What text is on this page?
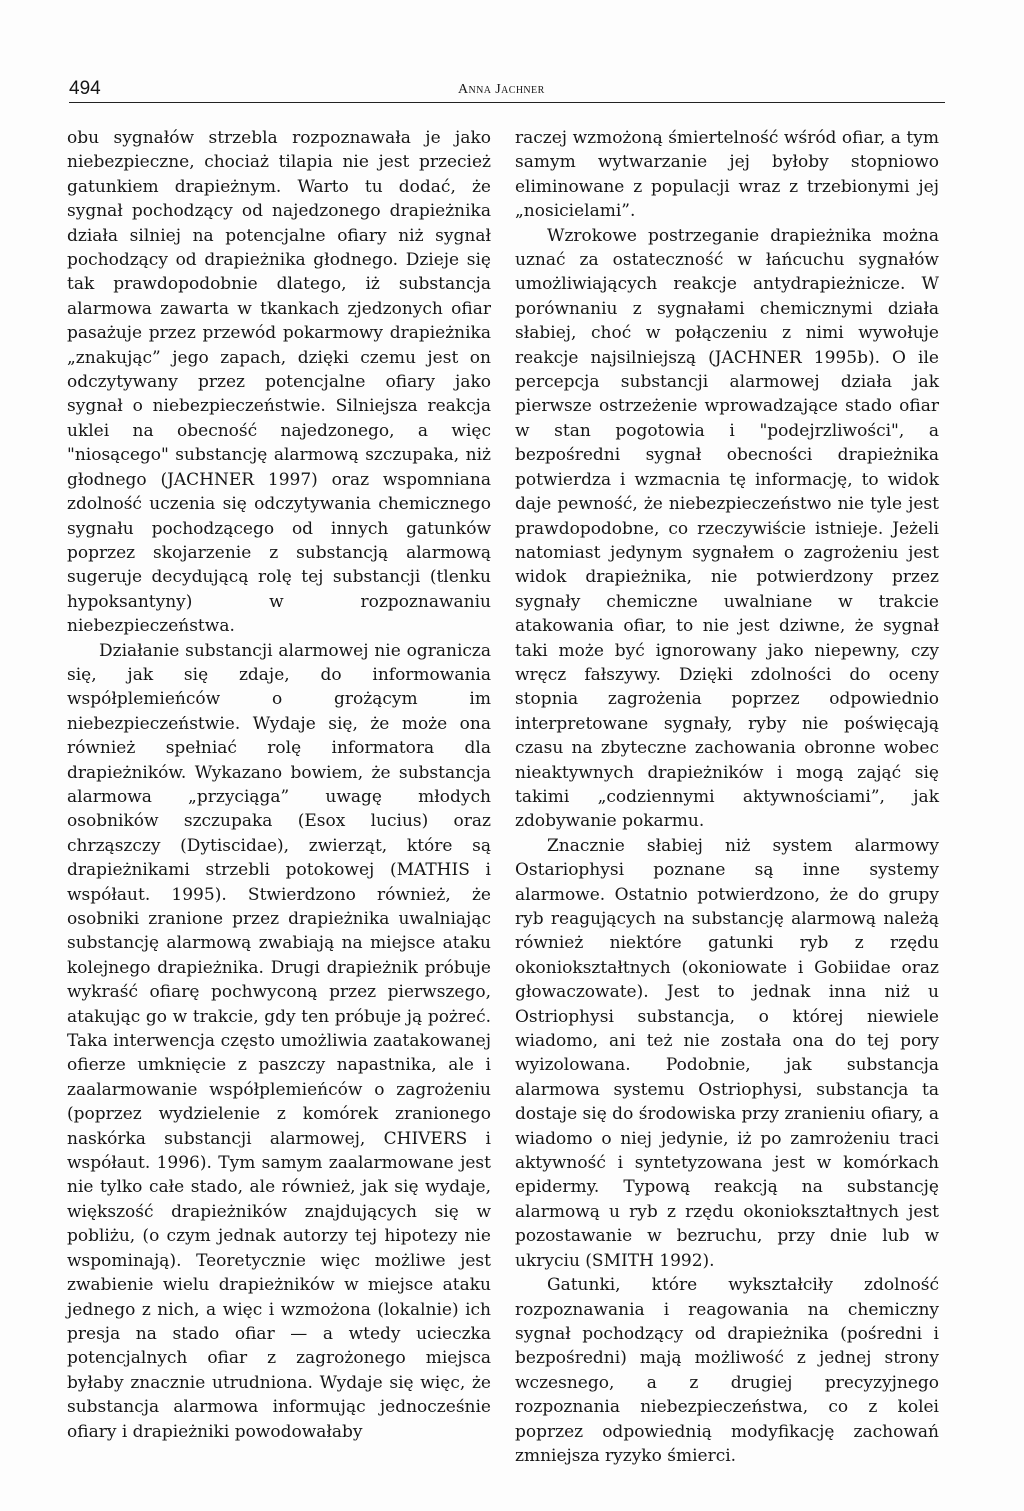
494	Anna Jachner

obu sygnałów strzebla rozpoznawała je jako niebezpieczne, chociaż tilapia nie jest przecież gatunkiem drapieżnym. Warto tu dodać, że sygnał pochodzący od najedzonego drapieżnika działa silniej na potencjalne ofiary niż sygnał pochodzący od drapieżnika głodnego. Dzieje się tak prawdopodobnie dlatego, iż substancja alarmowa zawarta w tkankach zjedzonych ofiar pasażuje przez przewód pokarmowy drapieżnika „znakując” jego zapach, dzięki czemu jest on odczytywany przez potencjalne ofiary jako sygnał o niebezpieczeństwie. Silniejsza reakcja uklei na obecność najedzonego, a więc "niosącego" substancję alarmową szczupaka, niż głodnego (JACHNER 1997) oraz wspomniana zdolność uczenia się odczytywania chemicznego sygnału pochodzącego od innych gatunków poprzez skojarzenie z substancją alarmową sugeruje decydującą rolę tej substancji (tlenku hypoksantyny) w rozpoznawaniu niebezpieczeństwa.

Działanie substancji alarmowej nie ogranicza się, jak się zdaje, do informowania współplemieńców o grożącym im niebezpieczeństwie. Wydaje się, że może ona również spełniać rolę informatora dla drapieżników. Wykazano bowiem, że substancja alarmowa „przyciąga” uwagę młodych osobników szczupaka (Esox lucius) oraz chrząszczy (Dytiscidae), zwierząt, które są drapieżnikami strzebli potokowej (MATHIS i współaut. 1995). Stwierdzono również, że osobniki zranione przez drapieżnika uwalniając substancję alarmową zwabiają na miejsce ataku kolejnego drapieżnika. Drugi drapieżnik próbuje wykraść ofiarę pochwyconą przez pierwszego, atakując go w trakcie, gdy ten próbuje ją pożreć. Taka interwencja często umożliwia zaatakowanej ofierze umknięcie z paszczy napastnika, ale i zaalarmowanie współplemieńców o zagrożeniu (poprzez wydzielenie z komórek zranionego naskórka substancji alarmowej, CHIVERS i współaut. 1996). Tym samym zaalarmowane jest nie tylko całe stado, ale również, jak się wydaje, większość drapieżników znajdujących się w pobliżu, (o czym jednak autorzy tej hipotezy nie wspominają). Teoretycznie więc możliwe jest zwabienie wielu drapieżników w miejsce ataku jednego z nich, a więc i wzmożona (lokalnie) ich presja na stado ofiar — a wtedy ucieczka potencjalnych ofiar z zagrożonego miejsca byłaby znacznie utrudniona. Wydaje się więc, że substancja alarmowa informując jednocześnie ofiary i drapieżniki powodowałaby

raczej wzmożoną śmiertelność wśród ofiar, a tym samym wytwarzanie jej byłoby stopniowo eliminowane z populacji wraz z trzebionymi jej „nosicielami”.

Wzrokowe postrzeganie drapieżnika można uznać za ostateczność w łańcuchu sygnałów umożliwiających reakcje antydrapieżnicze. W porównaniu z sygnałami chemicznymi działa słabiej, choć w połączeniu z nimi wywołuje reakcje najsilniejszą (JACHNER 1995b). O ile percepcja substancji alarmowej działa jak pierwsze ostrzeżenie wprowadzające stado ofiar w stan pogotowia i "podejrzliwości", a bezpośredni sygnał obecności drapieżnika potwierdza i wzmacnia tę informację, to widok daje pewność, że niebezpieczeństwo nie tyle jest prawdopodobne, co rzeczywiście istnieje. Jeżeli natomiast jedynym sygnałem o zagrożeniu jest widok drapieżnika, nie potwierdzony przez sygnały chemiczne uwalniane w trakcie atakowania ofiar, to nie jest dziwne, że sygnał taki może być ignorowany jako niepewny, czy wręcz fałszywy. Dzięki zdolności do oceny stopnia zagrożenia poprzez odpowiednio interpretowane sygnały, ryby nie poświęcają czasu na zbyteczne zachowania obronne wobec nieaktywnych drapieżników i mogą zająć się takimi „codziennymi aktywnościami”, jak zdobywanie pokarmu.

Znacznie słabiej niż system alarmowy Ostariophysi poznane są inne systemy alarmowe. Ostatnio potwierdzono, że do grupy ryb reagujących na substancję alarmową należą również niektóre gatunki ryb z rzędu okoniokształtnych (okoniowate i Gobiidae oraz głowaczowate). Jest to jednak inna niż u Ostriophysi substancja, o której niewiele wiadomo, ani też nie została ona do tej pory wyizolowana. Podobnie, jak substancja alarmowa systemu Ostriophysi, substancja ta dostaje się do środowiska przy zranieniu ofiary, a wiadomo o niej jedynie, iż po zamrożeniu traci aktywność i syntetyzowana jest w komórkach epidermy. Typową reakcją na substancję alarmową u ryb z rzędu okoniokształtnych jest pozostawanie w bezruchu, przy dnie lub w ukryciu (SMITH 1992).

Gatunki, które wykształciły zdolność rozpoznawania i reagowania na chemiczny sygnał pochodzący od drapieżnika (pośredni i bezpośredni) mają możliwość z jednej strony wczesnego, a z drugiej precyzyjnego rozpoznania niebezpieczeństwa, co z kolei poprzez odpowiednią modyfikację zachowań zmniejsza ryzyko śmierci.
